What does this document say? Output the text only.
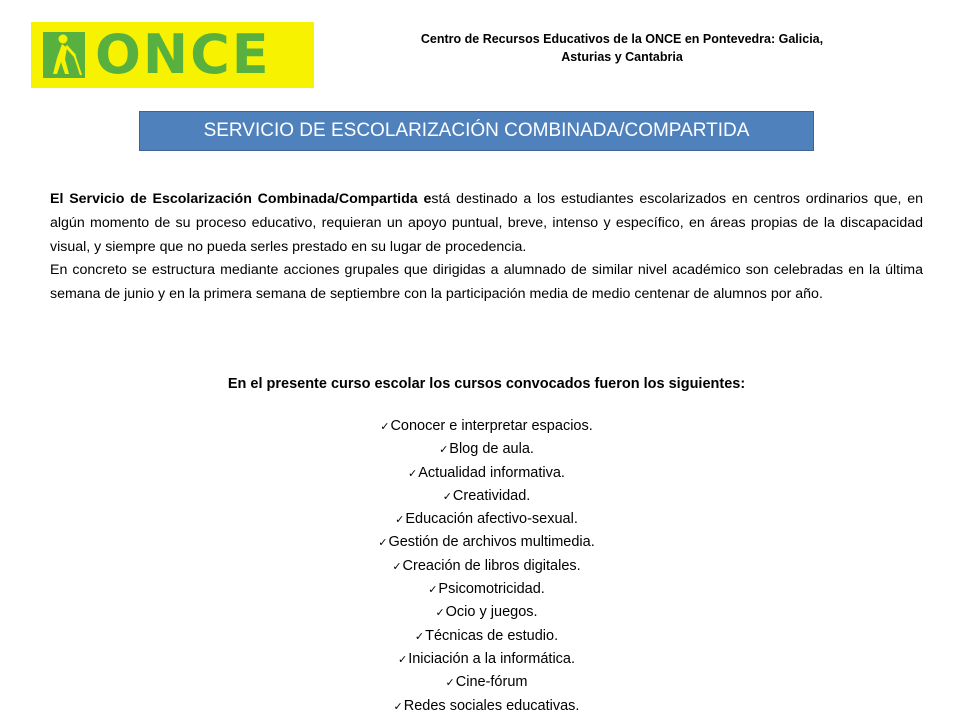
ONCE	Centro de Recursos Educativos de la ONCE en Pontevedra: Galicia,
Asturias y Cantabria
SERVICIO DE ESCOLARIZACIÓN COMBINADA/COMPARTIDA

El Servicio de Escolarización Combinada/Compartida está destinado a los estudiantes escolarizados en centros ordinarios que, en algún momento de su proceso educativo, requieran un apoyo puntual, breve, intenso y específico, en áreas propias de la discapacidad visual, y siempre que no pueda serles prestado en su lugar de procedencia.

En concreto se estructura mediante acciones grupales que dirigidas a alumnado de similar nivel académico son celebradas en la última semana de junio y en la primera semana de septiembre con la participación media de medio centenar de alumnos por año.

En el presente curso escolar los cursos convocados fueron los siguientes:
✓Conocer e interpretar espacios.
✓Blog de aula.
✓Actualidad informativa.
✓Creatividad.
✓Educación afectivo-sexual.
✓Gestión de archivos multimedia.
✓Creación de libros digitales.
✓Psicomotricidad.
✓Ocio y juegos.
✓Técnicas de estudio.
✓Iniciación a la informática.
✓Cine-fórum
✓Redes sociales educativas.
